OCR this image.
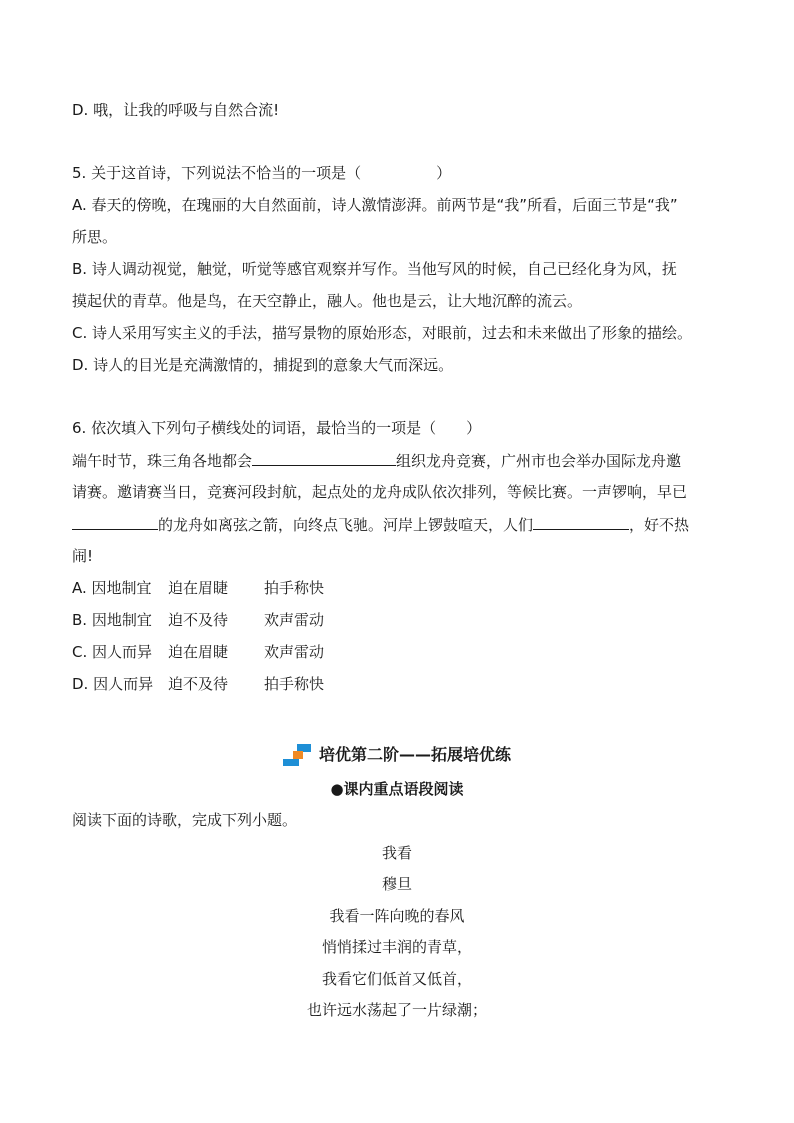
D. 哦，让我的呼吸与自然合流!
5. 关于这首诗，下列说法不恰当的一项是（　　　　　）
A. 春天的傍晚，在瑰丽的大自然面前，诗人激情澎湃。前两节是“我”所看，后面三节是“我”
所思。
B. 诗人调动视觉，触觉，听觉等感官观察并写作。当他写风的时候，自己已经化身为风，抚
摸起伏的青草。他是鸟，在天空静止，融人。他也是云，让大地沉醉的流云。
C. 诗人采用写实主义的手法，描写景物的原始形态，对眼前，过去和未来做出了形象的描绘。
D. 诗人的目光是充满激情的，捕捉到的意象大气而深远。
6. 依次填入下列句子横线处的词语，最恰当的一项是（　　）
端午时节，珠三角各地都会	组织龙舟竞赛，广州市也会举办国际龙舟邀
请赛。邀请赛当日，竞赛河段封航，起点处的龙舟成队依次排列，等候比赛。一声锣响，早已
的龙舟如离弦之箭，向终点飞驰。河岸上锣鼓喧天，人们	，好不热
闹!
A. 因地制宜 迫在眉睫 拍手称快
B. 因地制宜 迫不及待 欢声雷动
C. 因人而异 迫在眉睫 欢声雷动
D. 因人而异 迫不及待 拍手称快
培优第二阶——拓展培优练
●课内重点语段阅读
阅读下面的诗歌，完成下列小题。
我看
穆旦
我看一阵向晚的春风
悄悄揉过丰润的青草，
我看它们低首又低首，
也许远水荡起了一片绿潮；
